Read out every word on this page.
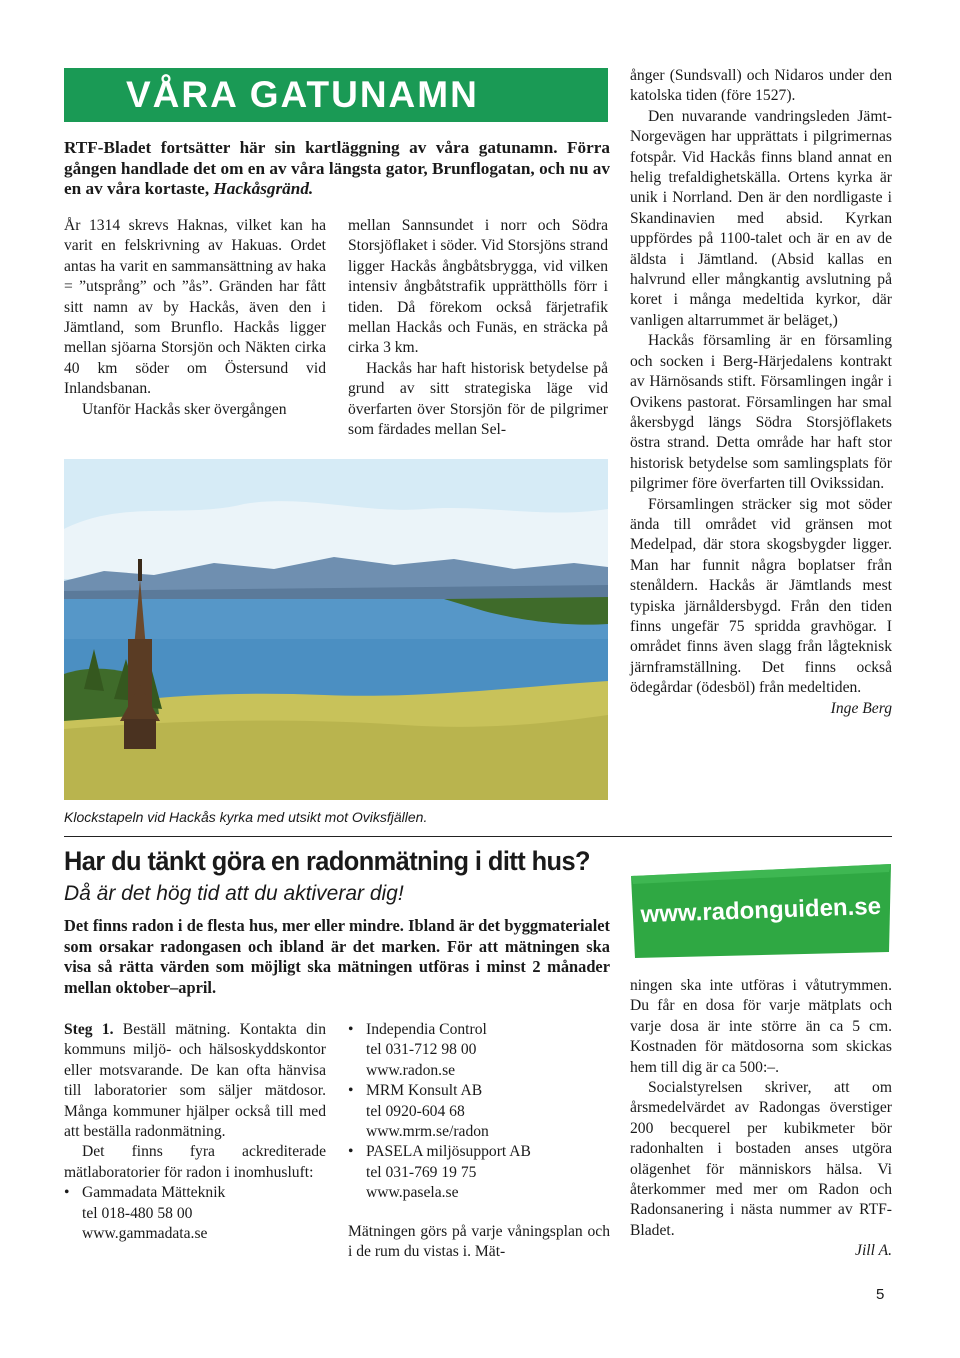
VÅRA GATUNAMN
RTF-Bladet fortsätter här sin kartläggning av våra gatunamn. Förra gången handlade det om en av våra längsta gator, Brunflogatan, och nu av en av våra kortaste, Hackåsgränd.

År 1314 skrevs Haknas, vilket kan ha varit en felskrivning av Hakuas. Ordet antas ha varit en sammansättning av haka = ”utsprång” och ”ås”. Gränden har fått sitt namn av by Hackås, även den i Jämtland, som Brunflo. Hackås ligger mellan sjöarna Storsjön och Näkten cirka 40 km söder om Östersund vid Inlandsbanan.

Utanför Hackås sker övergången

mellan Sannsundet i norr och Södra Storsjöflaket i söder. Vid Storsjöns strand ligger Hackås ångbåtsbrygga, vid vilken intensiv ångbåtstrafik upprätthölls förr i tiden. Då förekom också färjetrafik mellan Hackås och Funäs, en sträcka på cirka 3 km.

Hackås har haft historisk betydelse på grund av sitt strategiska läge vid överfarten över Storsjön för de pilgrimer som färdades mellan Sel-

ånger (Sundsvall) och Nidaros under den katolska tiden (före 1527).

Den nuvarande vandringsleden Jämt-Norgevägen har upprättats i pilgrimernas fotspår. Vid Hackås finns bland annat en helig trefaldighetskälla. Ortens kyrka är unik i Norrland. Den är den nordligaste i Skandinavien med absid. Kyrkan uppfördes på 1100-talet och är en av de äldsta i Jämtland. (Absid kallas en halvrund eller mångkantig avslutning på koret i många medeltida kyrkor, där vanligen altarrummet är beläget,)

Hackås församling är en församling och socken i Berg-Härjedalens kontrakt av Härnösands stift. Församlingen ingår i Ovikens pastorat. Församlingen har smal åkersbygd längs Södra Storsjöflakets östra strand. Detta område har haft stor historisk betydelse som samlingsplats för pilgrimer före överfarten till Ovikssidan.

Församlingen sträcker sig mot söder ända till området vid gränsen mot Medelpad, där stora skogsbygder ligger. Man har funnit några boplatser från stenåldern. Hackås är Jämtlands mest typiska järnåldersbygd. Från den tiden finns ungefär 75 spridda gravhögar. I området finns även slagg från lågteknisk järnframställning. Det finns också ödegårdar (ödesböl) från medeltiden.

Inge Berg

Klockstapeln vid Hackås kyrka med utsikt mot Oviksfjällen.
Har du tänkt göra en radonmätning i ditt hus?
Då är det hög tid att du aktiverar dig!
Det finns radon i de flesta hus, mer eller mindre. Ibland är det byggmaterialet som orsakar radongasen och ibland är det marken. För att mätningen ska visa så rätta värden som möjligt ska mätningen utföras i minst 2 månader mellan oktober–april.
www.radonguiden.se

Steg 1. Beställ mätning. Kontakta din kommuns miljö- och hälsoskyddskontor eller motsvarande. De kan ofta hänvisa till laboratorier som säljer mätdosor. Många kommuner hjälper också till med att beställa radonmätning.

Det finns fyra ackrediterade mätlaboratorier för radon i inomhusluft:

• Gammadata Mätteknik
tel 018-480 58 00
www.gammadata.se
• Independia Control
tel 031-712 98 00
www.radon.se
• MRM Konsult AB
tel 0920-604 68
www.mrm.se/radon
• PASELA miljösupport AB
tel 031-769 19 75
www.pasela.se

Mätningen görs på varje våningsplan och i de rum du vistas i. Mät-

ningen ska inte utföras i våtutrymmen. Du får en dosa för varje mätplats och varje dosa är inte större än ca 5 cm. Kostnaden för mätdosorna som skickas hem till dig är ca 500:–.

Socialstyrelsen skriver, att om årsmedelvärdet av Radongas överstiger 200 becquerel per kubikmeter bör radonhalten i bostaden anses utgöra olägenhet för människors hälsa. Vi återkommer med mer om Radon och Radonsanering i nästa nummer av RTF-Bladet.

Jill A.

5
